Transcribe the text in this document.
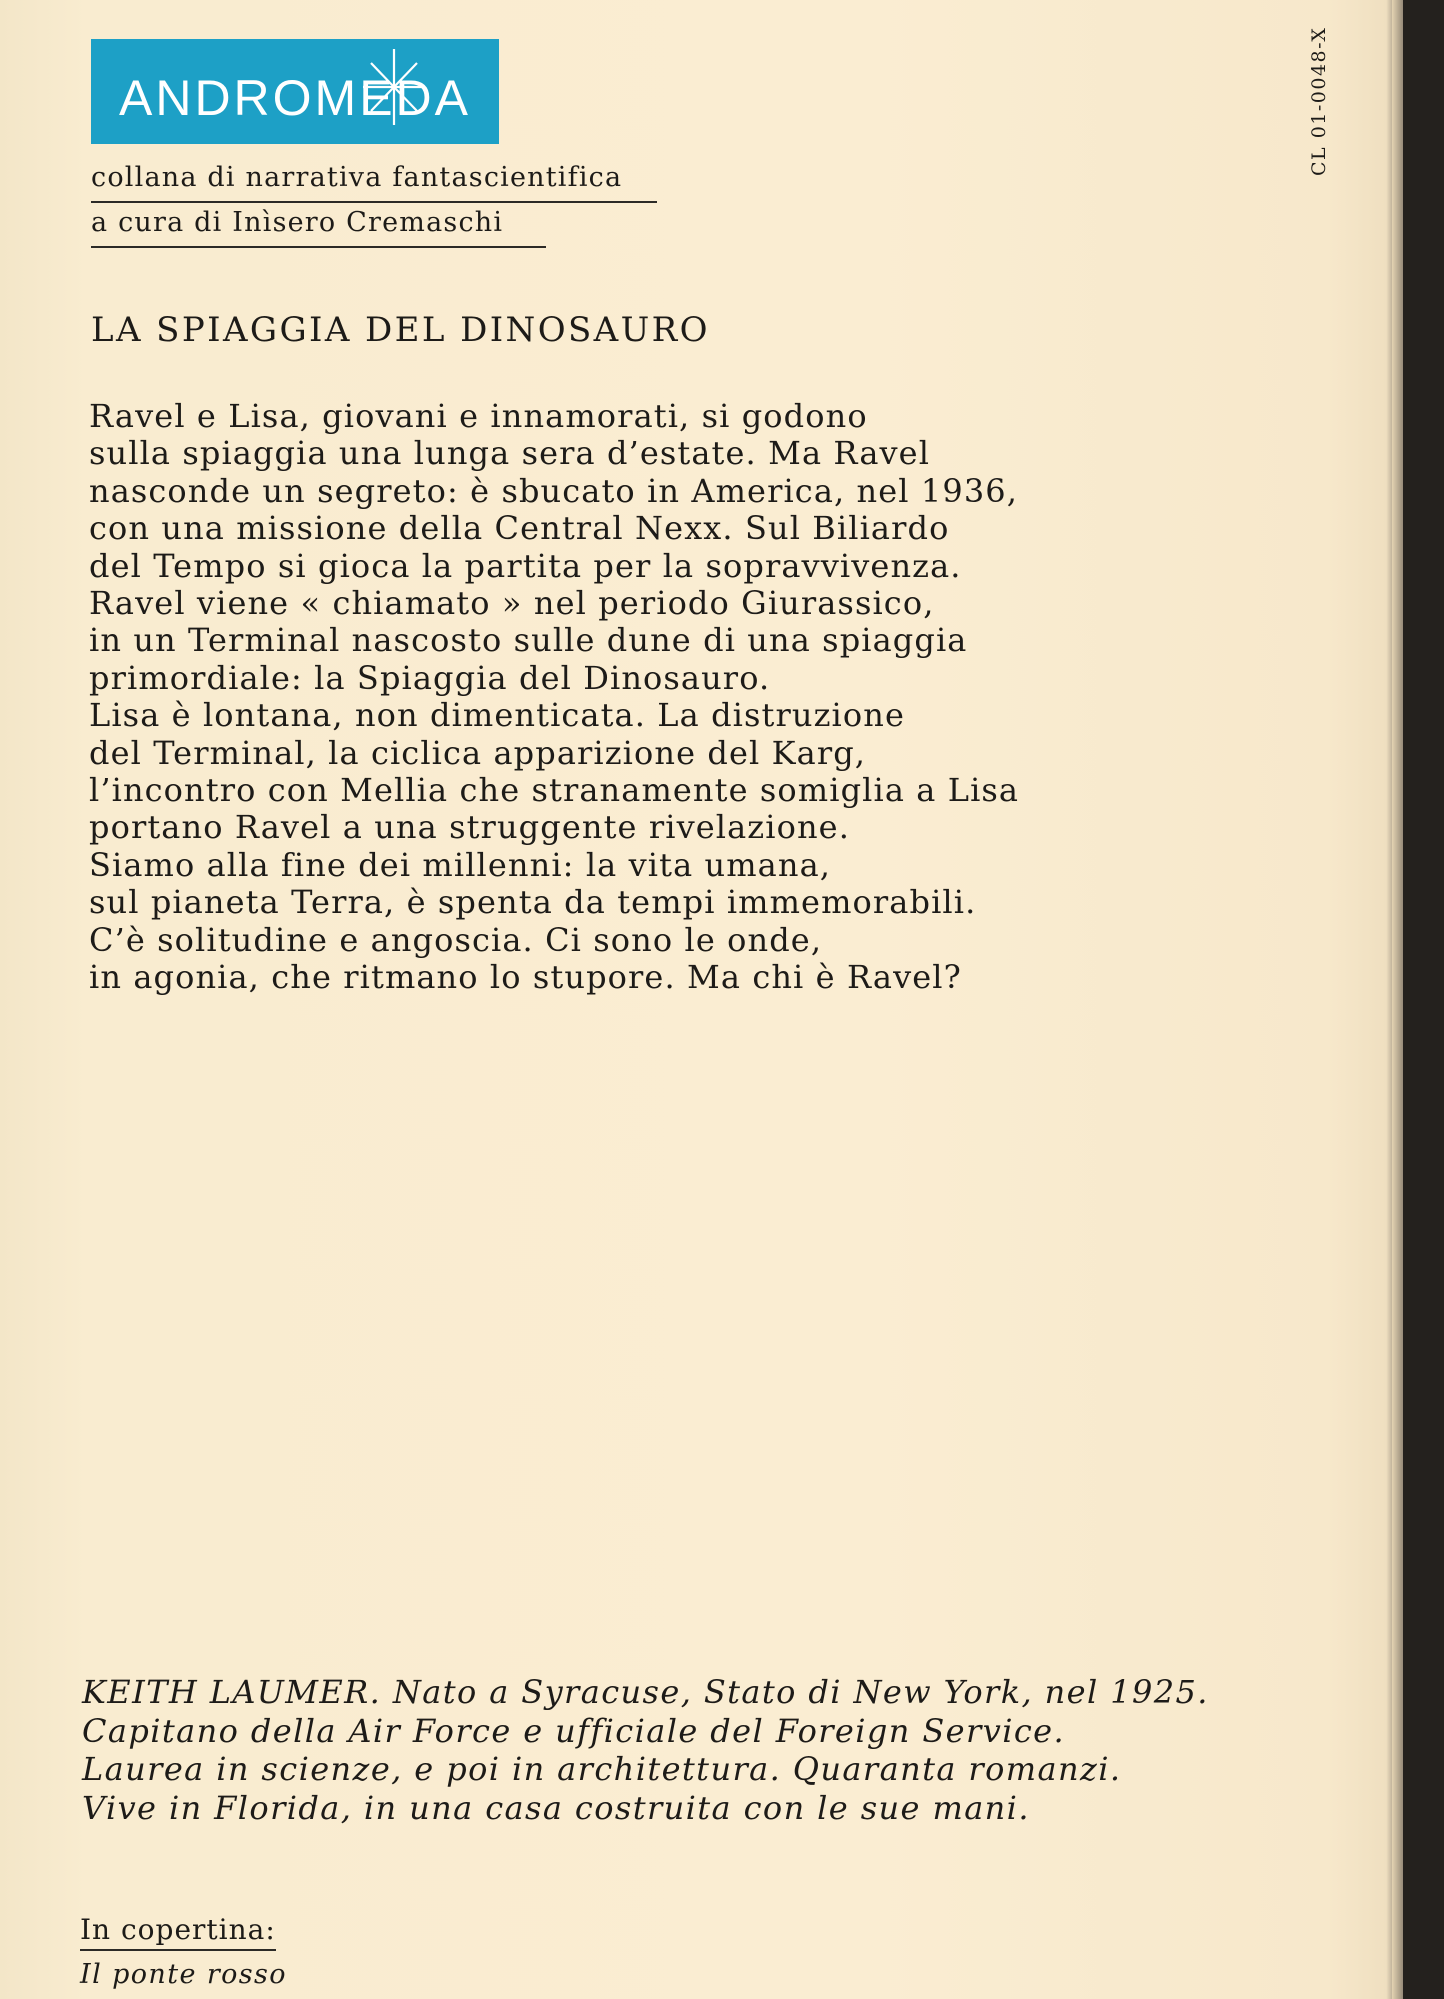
ANDROMEDA
collana di narrativa fantascientifica
a cura di Inìsero Cremaschi
CL 01-0048-X
LA SPIAGGIA DEL DINOSAURO
Ravel e Lisa, giovani e innamorati, si godono
sulla spiaggia una lunga sera d’estate. Ma Ravel
nasconde un segreto: è sbucato in America, nel 1936,
con una missione della Central Nexx. Sul Biliardo
del Tempo si gioca la partita per la sopravvivenza.
Ravel viene « chiamato » nel periodo Giurassico,
in un Terminal nascosto sulle dune di una spiaggia
primordiale: la Spiaggia del Dinosauro.
Lisa è lontana, non dimenticata. La distruzione
del Terminal, la ciclica apparizione del Karg,
l’incontro con Mellia che stranamente somiglia a Lisa
portano Ravel a una struggente rivelazione.
Siamo alla fine dei millenni: la vita umana,
sul pianeta Terra, è spenta da tempi immemorabili.
C’è solitudine e angoscia. Ci sono le onde,
in agonia, che ritmano lo stupore. Ma chi è Ravel?
KEITH LAUMER. Nato a Syracuse, Stato di New York, nel 1925.
Capitano della Air Force e ufficiale del Foreign Service.
Laurea in scienze, e poi in architettura. Quaranta romanzi.
Vive in Florida, in una casa costruita con le sue mani.
In copertina:
Il ponte rosso
